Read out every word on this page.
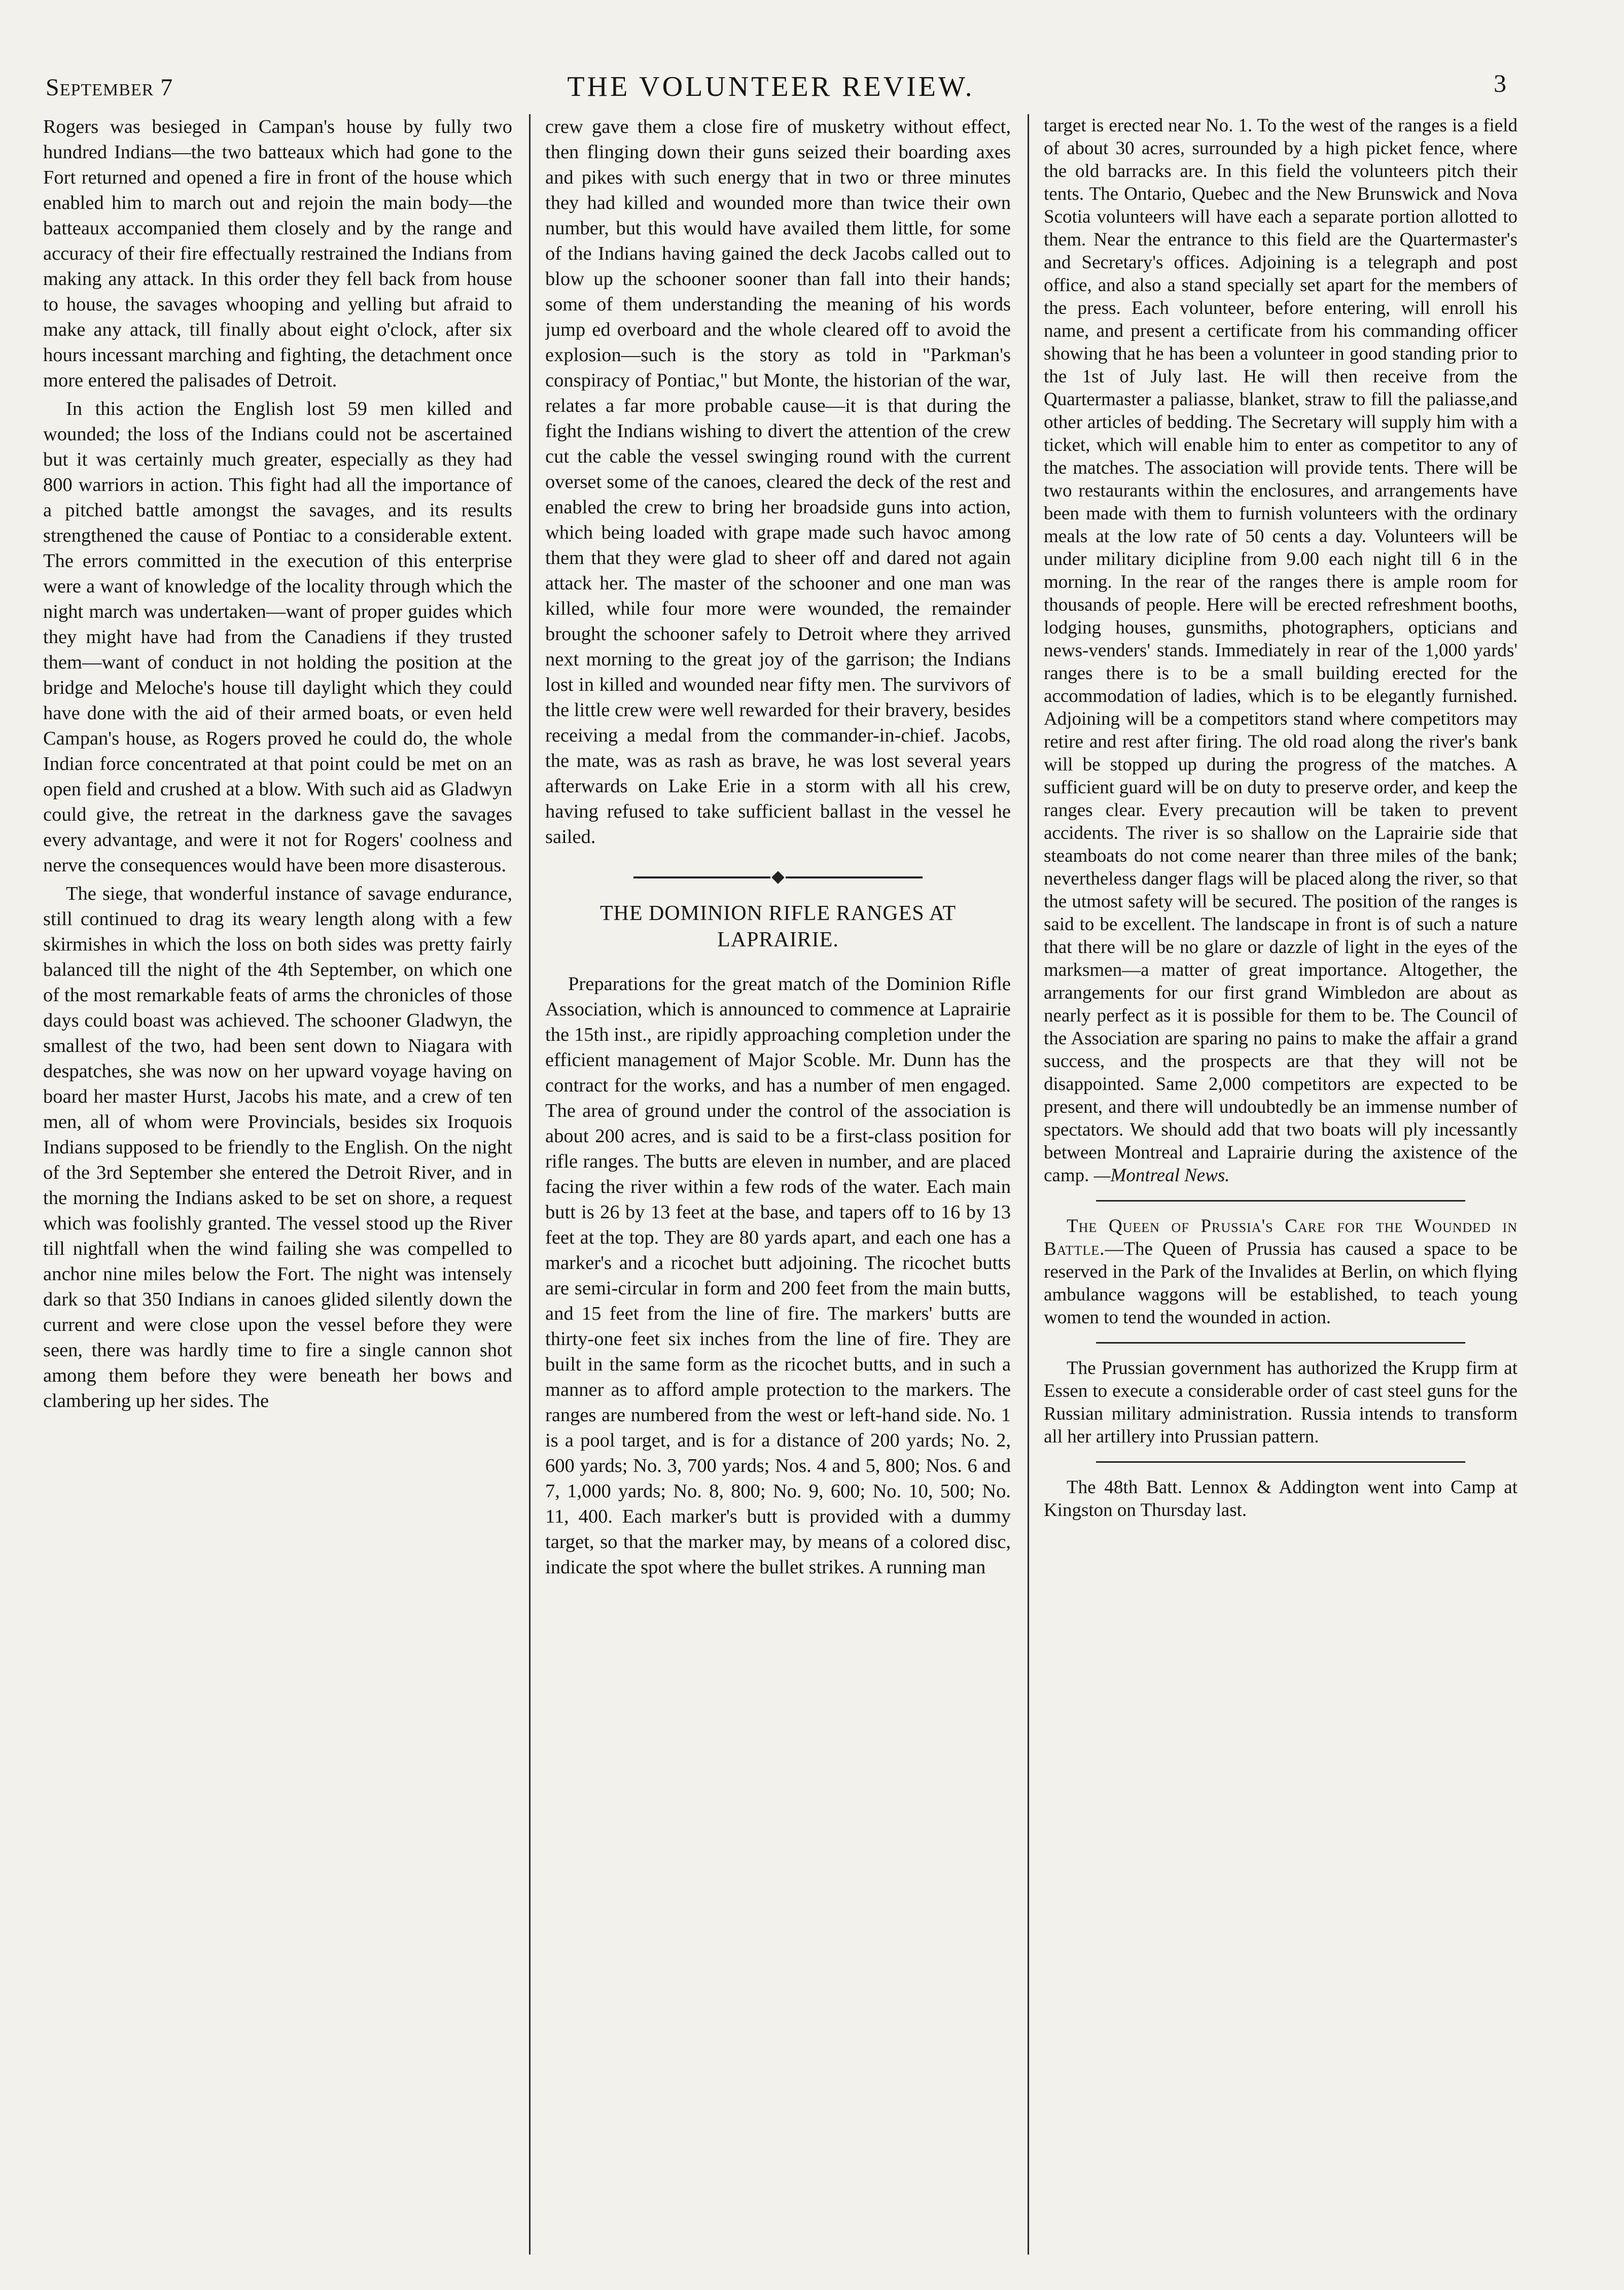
September 7	THE VOLUNTEER REVIEW.	3

Rogers was besieged in Campan's house by fully two hundred Indians—the two batteaux which had gone to the Fort returned and opened a fire in front of the house which enabled him to march out and rejoin the main body—the batteaux accompanied them closely and by the range and accuracy of their fire effectually restrained the Indians from making any attack. In this order they fell back from house to house, the savages whooping and yelling but afraid to make any attack, till finally about eight o'clock, after six hours incessant marching and fighting, the detachment once more entered the palisades of Detroit.

In this action the English lost 59 men killed and wounded; the loss of the Indians could not be ascertained but it was certainly much greater, especially as they had 800 warriors in action. This fight had all the importance of a pitched battle amongst the savages, and its results strengthened the cause of Pontiac to a considerable extent. The errors committed in the execution of this enterprise were a want of knowledge of the locality through which the night march was undertaken—want of proper guides which they might have had from the Canadiens if they trusted them—want of conduct in not holding the position at the bridge and Meloche's house till daylight which they could have done with the aid of their armed boats, or even held Campan's house, as Rogers proved he could do, the whole Indian force concentrated at that point could be met on an open field and crushed at a blow. With such aid as Gladwyn could give, the retreat in the darkness gave the savages every advantage, and were it not for Rogers' coolness and nerve the consequences would have been more disasterous.

The siege, that wonderful instance of savage endurance, still continued to drag its weary length along with a few skirmishes in which the loss on both sides was pretty fairly balanced till the night of the 4th September, on which one of the most remarkable feats of arms the chronicles of those days could boast was achieved. The schooner Gladwyn, the smallest of the two, had been sent down to Niagara with despatches, she was now on her upward voyage having on board her master Hurst, Jacobs his mate, and a crew of ten men, all of whom were Provincials, besides six Iroquois Indians supposed to be friendly to the English. On the night of the 3rd September she entered the Detroit River, and in the morning the Indians asked to be set on shore, a request which was foolishly granted. The vessel stood up the River till nightfall when the wind failing she was compelled to anchor nine miles below the Fort. The night was intensely dark so that 350 Indians in canoes glided silently down the current and were close upon the vessel before they were seen, there was hardly time to fire a single cannon shot among them before they were beneath her bows and clambering up her sides. The

crew gave them a close fire of musketry without effect, then flinging down their guns seized their boarding axes and pikes with such energy that in two or three minutes they had killed and wounded more than twice their own number, but this would have availed them little, for some of the Indians having gained the deck Jacobs called out to blow up the schooner sooner than fall into their hands; some of them understanding the meaning of his words jump ed overboard and the whole cleared off to avoid the explosion—such is the story as told in "Parkman's conspiracy of Pontiac," but Monte, the historian of the war, relates a far more probable cause—it is that during the fight the Indians wishing to divert the attention of the crew cut the cable the vessel swinging round with the current overset some of the canoes, cleared the deck of the rest and enabled the crew to bring her broadside guns into action, which being loaded with grape made such havoc among them that they were glad to sheer off and dared not again attack her. The master of the schooner and one man was killed, while four more were wounded, the remainder brought the schooner safely to Detroit where they arrived next morning to the great joy of the garrison; the Indians lost in killed and wounded near fifty men. The survivors of the little crew were well rewarded for their bravery, besides receiving a medal from the commander-in-chief. Jacobs, the mate, was as rash as brave, he was lost several years afterwards on Lake Erie in a storm with all his crew, having refused to take sufficient ballast in the vessel he sailed.

THE DOMINION RIFLE RANGES AT LAPRAIRIE.

Preparations for the great match of the Dominion Rifle Association, which is announced to commence at Laprairie the 15th inst., are ripidly approaching completion under the efficient management of Major Scoble. Mr. Dunn has the contract for the works, and has a number of men engaged. The area of ground under the control of the association is about 200 acres, and is said to be a first-class position for rifle ranges. The butts are eleven in number, and are placed facing the river within a few rods of the water. Each main butt is 26 by 13 feet at the base, and tapers off to 16 by 13 feet at the top. They are 80 yards apart, and each one has a marker's and a ricochet butt adjoining. The ricochet butts are semi-circular in form and 200 feet from the main butts, and 15 feet from the line of fire. The markers' butts are thirty-one feet six inches from the line of fire. They are built in the same form as the ricochet butts, and in such a manner as to afford ample protection to the markers. The ranges are numbered from the west or left-hand side. No. 1 is a pool target, and is for a distance of 200 yards; No. 2, 600 yards; No. 3, 700 yards; Nos. 4 and 5, 800; Nos. 6 and 7, 1,000 yards; No. 8, 800; No. 9, 600; No. 10, 500; No. 11, 400. Each marker's butt is provided with a dummy target, so that the marker may, by means of a colored disc, indicate the spot where the bullet strikes. A running man

target is erected near No. 1. To the west of the ranges is a field of about 30 acres, surrounded by a high picket fence, where the old barracks are. In this field the volunteers pitch their tents. The Ontario, Quebec and the New Brunswick and Nova Scotia volunteers will have each a separate portion allotted to them. Near the entrance to this field are the Quartermaster's and Secretary's offices. Adjoining is a telegraph and post office, and also a stand specially set apart for the members of the press. Each volunteer, before entering, will enroll his name, and present a certificate from his commanding officer showing that he has been a volunteer in good standing prior to the 1st of July last. He will then receive from the Quartermaster a paliasse, blanket, straw to fill the paliasse,and other articles of bedding. The Secretary will supply him with a ticket, which will enable him to enter as competitor to any of the matches. The association will provide tents. There will be two restaurants within the enclosures, and arrangements have been made with them to furnish volunteers with the ordinary meals at the low rate of 50 cents a day. Volunteers will be under military dicipline from 9.00 each night till 6 in the morning. In the rear of the ranges there is ample room for thousands of people. Here will be erected refreshment booths, lodging houses, gunsmiths, photographers, opticians and news-venders' stands. Immediately in rear of the 1,000 yards' ranges there is to be a small building erected for the accommodation of ladies, which is to be elegantly furnished. Adjoining will be a competitors stand where competitors may retire and rest after firing. The old road along the river's bank will be stopped up during the progress of the matches. A sufficient guard will be on duty to preserve order, and keep the ranges clear. Every precaution will be taken to prevent accidents. The river is so shallow on the Laprairie side that steamboats do not come nearer than three miles of the bank; nevertheless danger flags will be placed along the river, so that the utmost safety will be secured. The position of the ranges is said to be excellent. The landscape in front is of such a nature that there will be no glare or dazzle of light in the eyes of the marksmen—a matter of great importance. Altogether, the arrangements for our first grand Wimbledon are about as nearly perfect as it is possible for them to be. The Council of the Association are sparing no pains to make the affair a grand success, and the prospects are that they will not be disappointed. Same 2,000 competitors are expected to be present, and there will undoubtedly be an immense number of spectators. We should add that two boats will ply incessantly between Montreal and Laprairie during the axistence of the camp. —Montreal News.

The Queen of Prussia's Care for the Wounded in Battle.—The Queen of Prussia has caused a space to be reserved in the Park of the Invalides at Berlin, on which flying ambulance waggons will be established, to teach young women to tend the wounded in action.

The Prussian government has authorized the Krupp firm at Essen to execute a considerable order of cast steel guns for the Russian military administration. Russia intends to transform all her artillery into Prussian pattern.

The 48th Batt. Lennox & Addington went into Camp at Kingston on Thursday last.
